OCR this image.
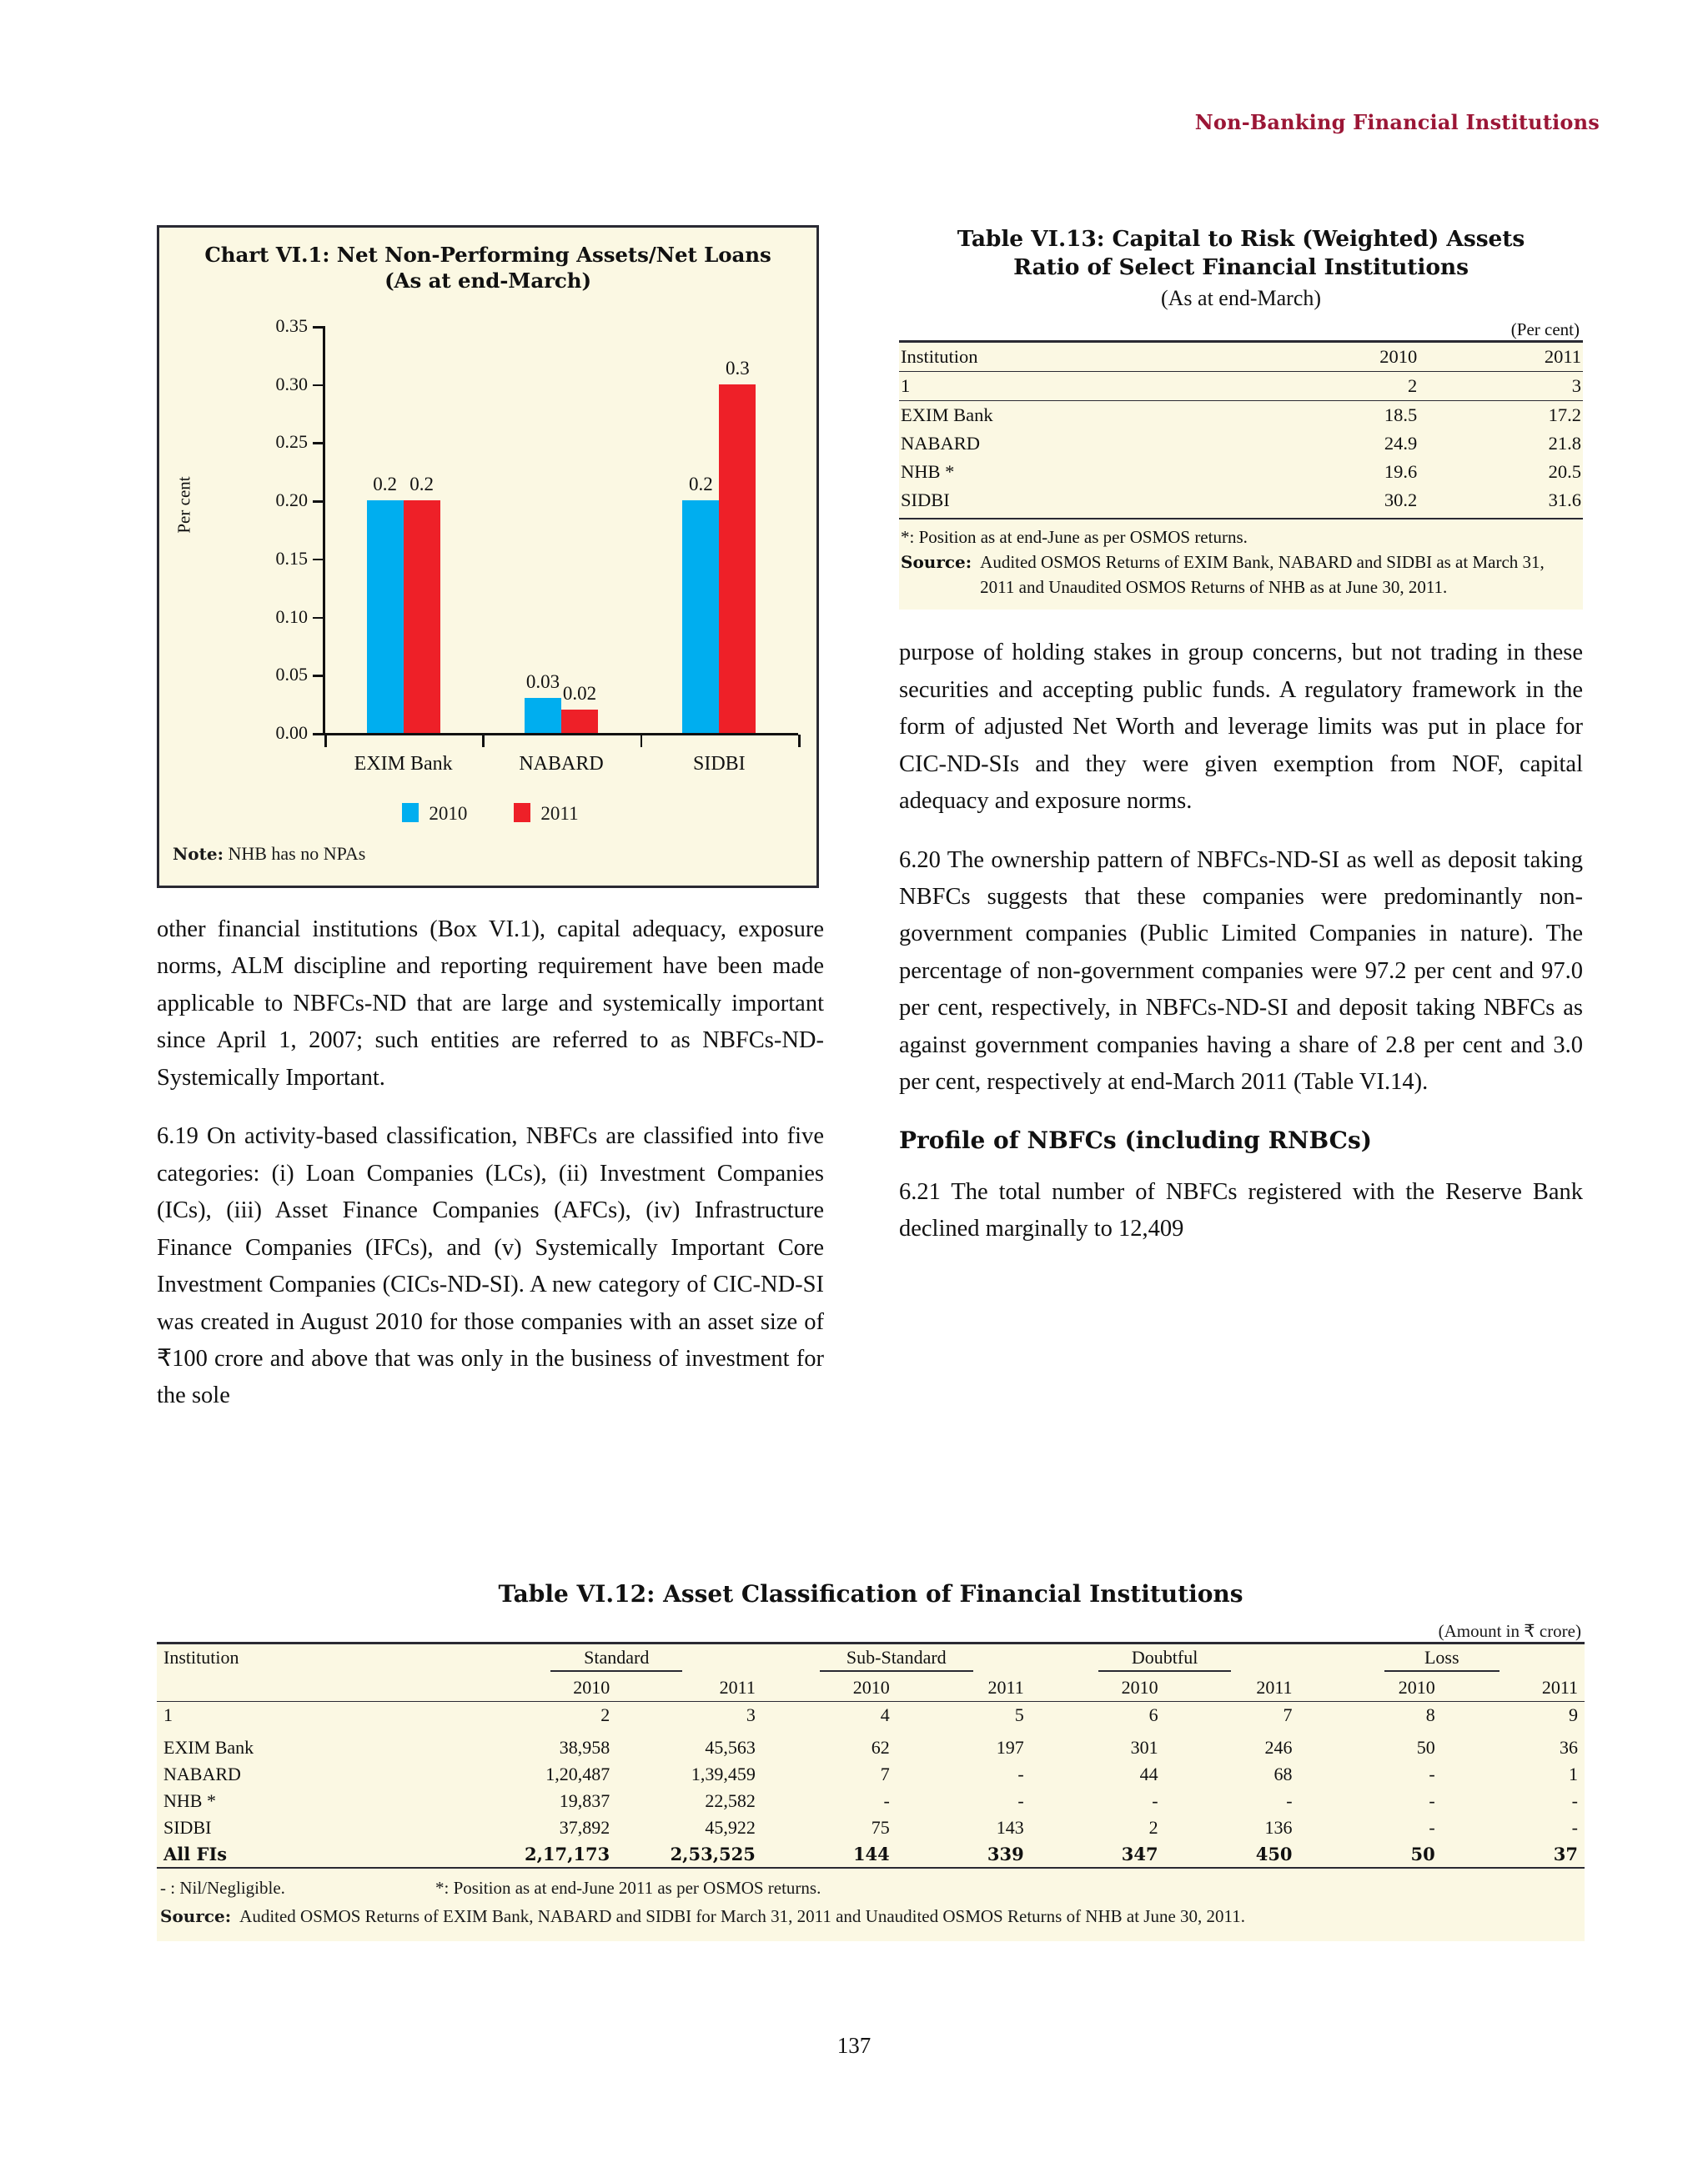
Non-Banking Financial Institutions
Chart VI.1: Net Non-Performing Assets/Net Loans
(As at end-March)
Per cent
0.00
0.05
0.10
0.15
0.20
0.25
0.30
0.35
0.2 0.2
0.03
0.02
0.2
0.3
EXIM Bank	NABARD	SIDBI
2010	2011
Note: NHB has no NPAs

other financial institutions (Box VI.1), capital adequacy, exposure norms, ALM discipline and reporting requirement have been made applicable to NBFCs-ND that are large and systemically important since April 1, 2007; such entities are referred to as NBFCs-ND-Systemically Important.

6.19 On activity-based classification, NBFCs are classified into five categories: (i) Loan Companies (LCs), (ii) Investment Companies (ICs), (iii) Asset Finance Companies (AFCs), (iv) Infrastructure Finance Companies (IFCs), and (v) Systemically Important Core Investment Companies (CICs-ND-SI). A new category of CIC-ND-SI was created in August 2010 for those companies with an asset size of ₹100 crore and above that was only in the business of investment for the sole

Table VI.13: Capital to Risk (Weighted) Assets
Ratio of Select Financial Institutions
(As at end-March)
(Per cent)
Institution	2010	2011
1	2	3
EXIM Bank	18.5	17.2
NABARD	24.9	21.8
NHB *	19.6	20.5
SIDBI	30.2	31.6
*: Position as at end-June as per OSMOS returns.
Source: Audited OSMOS Returns of EXIM Bank, NABARD and SIDBI as at March 31, 2011 and Unaudited OSMOS Returns of NHB as at June 30, 2011.

purpose of holding stakes in group concerns, but not trading in these securities and accepting public funds. A regulatory framework in the form of adjusted Net Worth and leverage limits was put in place for CIC-ND-SIs and they were given exemption from NOF, capital adequacy and exposure norms.

6.20 The ownership pattern of NBFCs-ND-SI as well as deposit taking NBFCs suggests that these companies were predominantly non-government companies (Public Limited Companies in nature). The percentage of non-government companies were 97.2 per cent and 97.0 per cent, respectively, in NBFCs-ND-SI and deposit taking NBFCs as against government companies having a share of 2.8 per cent and 3.0 per cent, respectively at end-March 2011 (Table VI.14).

Profile of NBFCs (including RNBCs)

6.21 The total number of NBFCs registered with the Reserve Bank declined marginally to 12,409

Table VI.12: Asset Classification of Financial Institutions
(Amount in ₹ crore)
Institution	Standard		Sub-Standard		Doubtful		Loss	
	2010	2011	2010	2011	2010	2011	2010	2011
1	2	3	4	5	6	7	8	9
EXIM Bank	38,958	45,563	62	197	301	246	50	36
NABARD	1,20,487	1,39,459	7	-	44	68	-	1
NHB *	19,837	22,582	-	-	-	-	-	-
SIDBI	37,892	45,922	75	143	2	136	-	-
All FIs	2,17,173	2,53,525	144	339	347	450	50	37
- : Nil/Negligible.	*: Position as at end-June 2011 as per OSMOS returns.
Source: Audited OSMOS Returns of EXIM Bank, NABARD and SIDBI for March 31, 2011 and Unaudited OSMOS Returns of NHB at June 30, 2011.
137
